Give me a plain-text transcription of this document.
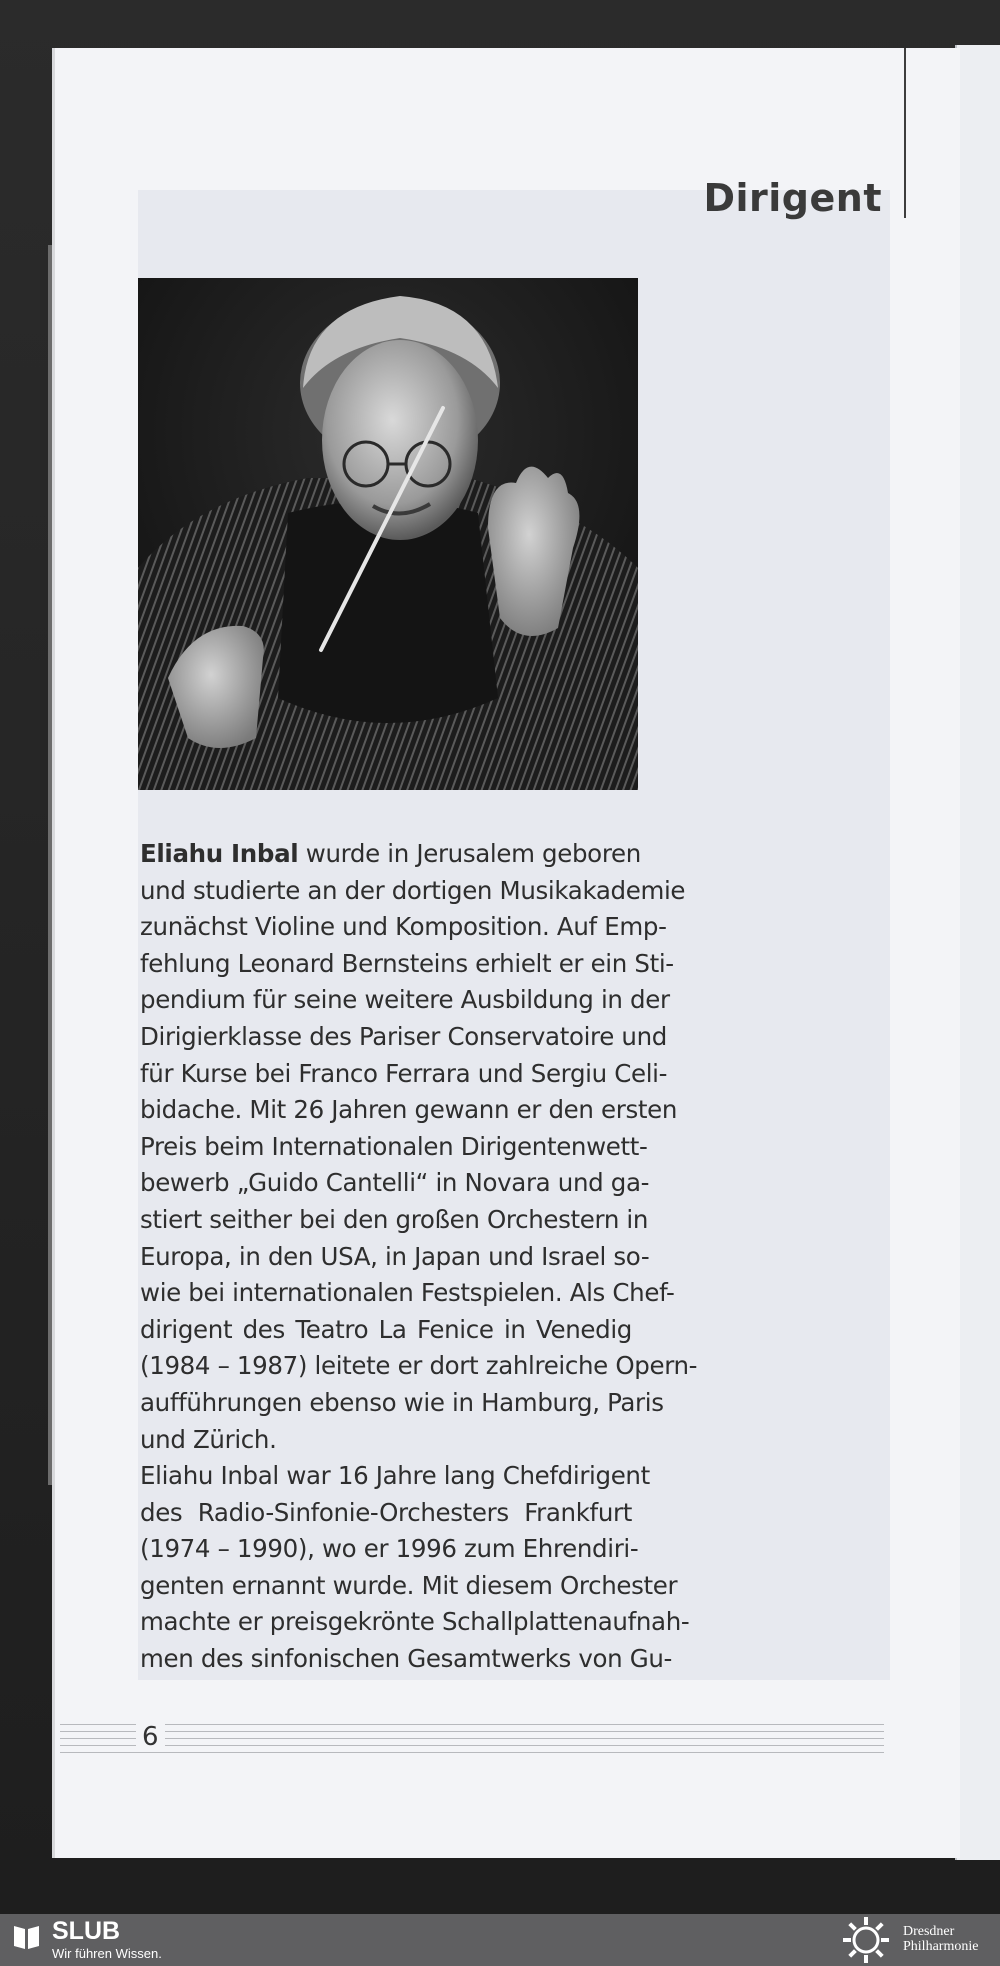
Dirigent
Eliahu Inbal wurde in Jerusalem geboren
und studierte an der dortigen Musikakademie
zunächst Violine und Komposition. Auf Emp-
fehlung Leonard Bernsteins erhielt er ein Sti-
pendium für seine weitere Ausbildung in der
Dirigierklasse des Pariser Conservatoire und
für Kurse bei Franco Ferrara und Sergiu Celi-
bidache. Mit 26 Jahren gewann er den ersten
Preis beim Internationalen Dirigentenwett-
bewerb „Guido Cantelli“ in Novara und ga-
stiert seither bei den großen Orchestern in
Europa, in den USA, in Japan und Israel so-
wie bei internationalen Festspielen. Als Chef-
dirigent des Teatro La Fenice in Venedig
(1984 – 1987) leitete er dort zahlreiche Opern-
aufführungen ebenso wie in Hamburg, Paris
und Zürich.
Eliahu Inbal war 16 Jahre lang Chefdirigent
des Radio-Sinfonie-Orchesters Frankfurt
(1974 – 1990), wo er 1996 zum Ehrendiri-
genten ernannt wurde. Mit diesem Orchester
machte er preisgekrönte Schallplattenaufnah-
men des sinfonischen Gesamtwerks von Gu-
6
SLUB
Wir führen Wissen.
Dresdner
Philharmonie
